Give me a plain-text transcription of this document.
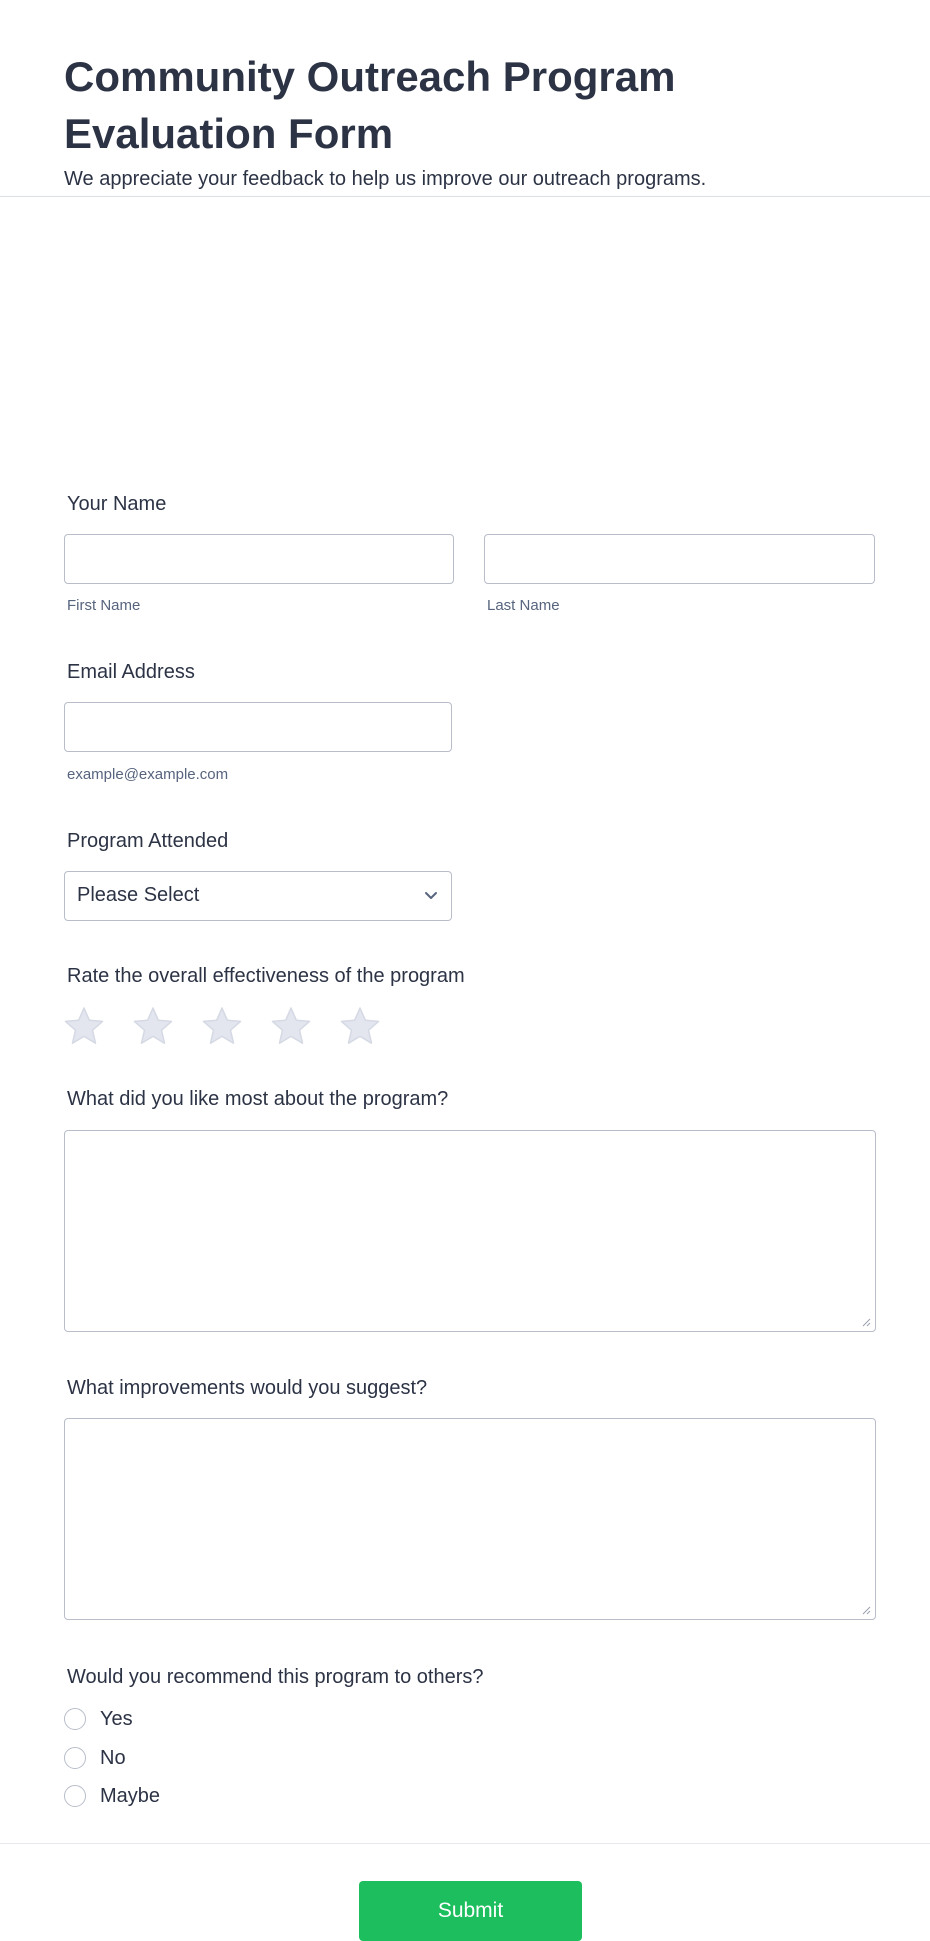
Community Outreach Program Evaluation Form
We appreciate your feedback to help us improve our outreach programs.
Your Name
First Name	Last Name
Email Address
example@example.com
Program Attended
Please Select
Rate the overall effectiveness of the program
What did you like most about the program?
What improvements would you suggest?
Would you recommend this program to others?
Yes
No
Maybe
Submit
